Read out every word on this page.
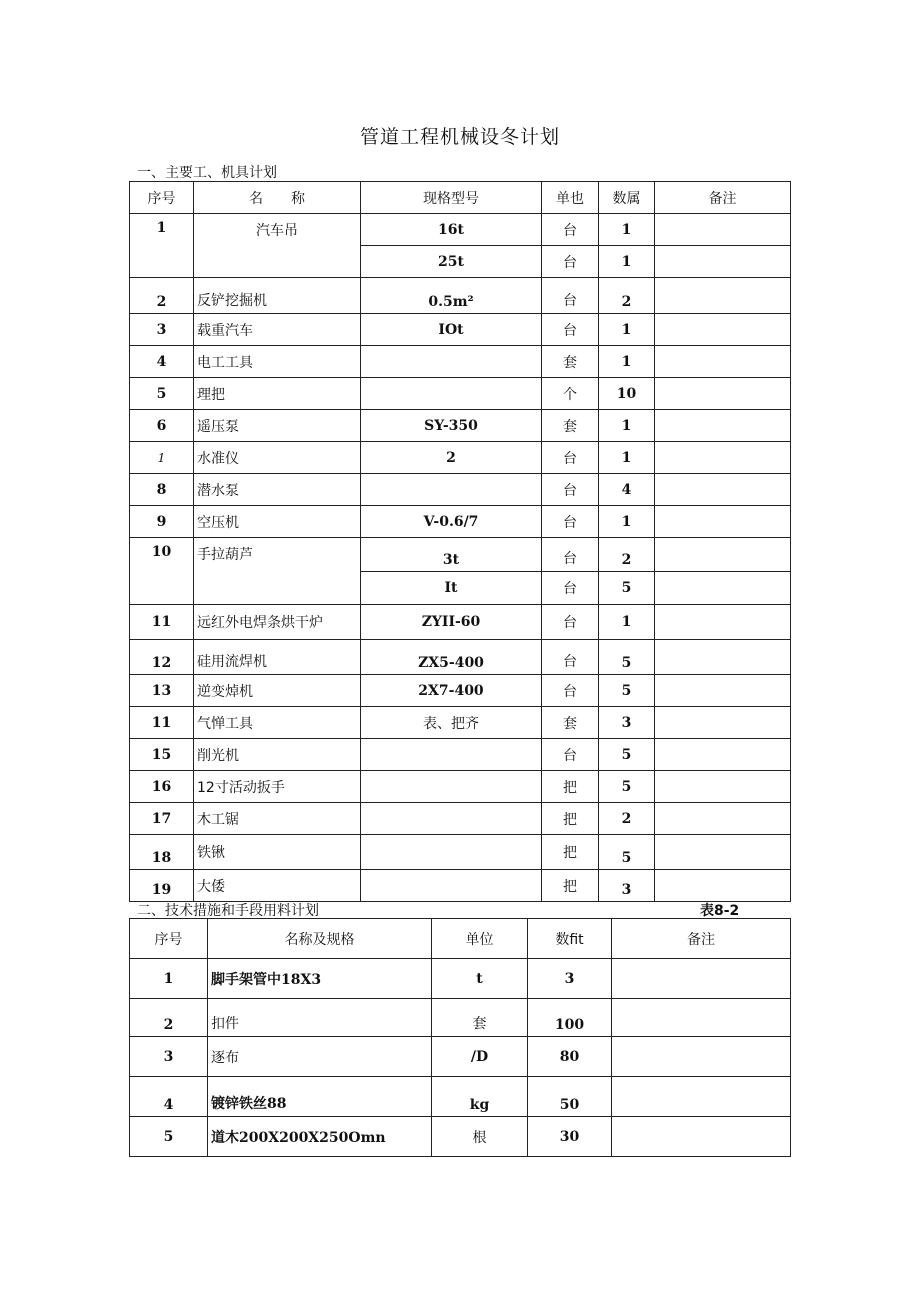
管道工程机械设冬计划
一、主要工、机具计划
序号	名　　称	现格型号	单也	数属	备注
1	汽车吊	16t	台	1	
		25t	台	1	
2	反铲挖掘机	0.5m²	台	2	
3	载重汽车	IOt	台	1	
4	电工工具		套	1	
5	理把		个	10	
6	遥压泵	SY-350	套	1	
1	水准仪	2	台	1	
8	潜水泵		台	4	
9	空压机	V-0.6/7	台	1	
10	手拉葫芦	3t	台	2	
		It	台	5	
11	远红外电焊条烘干炉	ZYII-60	台	1	
12	硅用流焊机	ZX5-400	台	5	
13	逆变焯机	2X7-400	台	5	
11	气惮工具	表、把齐	套	3	
15	削光机		台	5	
16	12寸活动扳手		把	5	
17	木工锯		把	2	
18	铁锹		把	5	
19	大倭		把	3	
二、技术措施和手段用料计划	表8-2
序号	名称及规格	单位	数fit	备注
1	脚手架管中18X3	t	3	
2	扣件	套	100	
3	逐布	/D	80	
4	镀锌铁丝88	kg	50	
5	道木200X200X250Omn	根	30	
